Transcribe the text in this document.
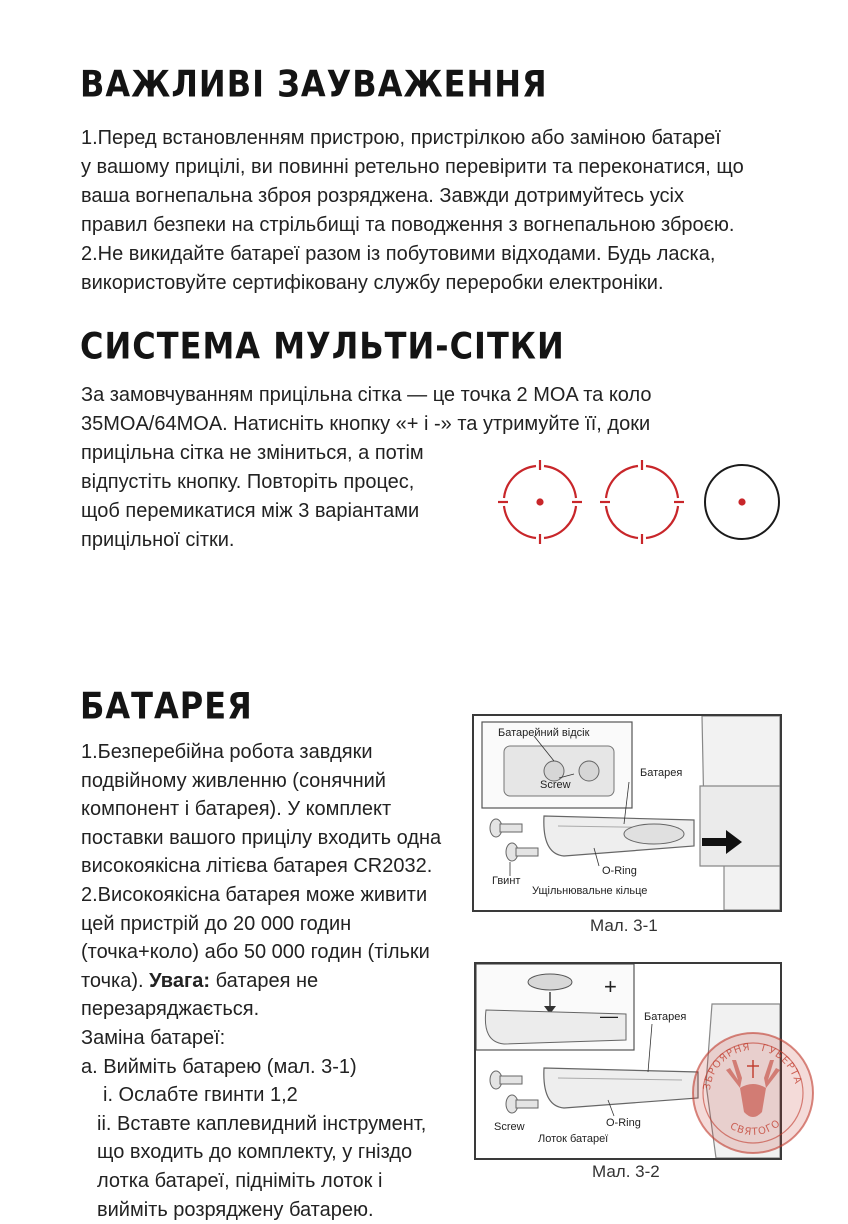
ВАЖЛИВІ ЗАУВАЖЕННЯ
1.Перед встановленням пристрою, пристрілкою або заміною батареї
у вашому прицілі, ви повинні ретельно перевірити та переконатися, що
ваша вогнепальна зброя розряджена. Завжди дотримуйтесь усіх
правил безпеки на стрільбищі та поводження з вогнепальною зброєю.
2.Не викидайте батареї разом із побутовими відходами. Будь ласка,
використовуйте сертифіковану службу переробки електроніки.
СИСТЕМА МУЛЬТИ-СІТКИ
За замовчуванням прицільна сітка — це точка 2 MOA та коло
35MOA/64MOA. Натисніть кнопку «+ і -» та утримуйте її, доки
прицільна сітка не зміниться, а потім
відпустіть кнопку. Повторіть процес,
щоб перемикатися між 3 варіантами
прицільної сітки.
БАТАРЕЯ
1.Безперебійна робота завдяки
подвійному живленню (сонячний
компонент і батарея). У комплект
поставки вашого прицілу входить одна
високоякісна літієва батарея CR2032.
2.Високоякісна батарея може живити
цей пристрій до 20 000 годин
(точка+коло) або 50 000 годин (тільки
точка). Увага: батарея не
перезаряджається.
Заміна батареї:
a. Вийміть батарею (мал. 3-1)
i. Ослабте гвинти 1,2
ii. Вставте каплевидний інструмент,
що входить до комплекту, у гніздо
лотка батареї, підніміть лоток і
вийміть розряджену батарею.
Батарейний відсік
Screw
Батарея
O-Ring
Гвинт
Ущільнювальне кільце
Мал. 3-1
+
— Батарея
O-Ring
Screw
Лоток батареї
Мал. 3-2
ЗБРОЯРНЯ ГУБЕРТА
СВЯТОГО
